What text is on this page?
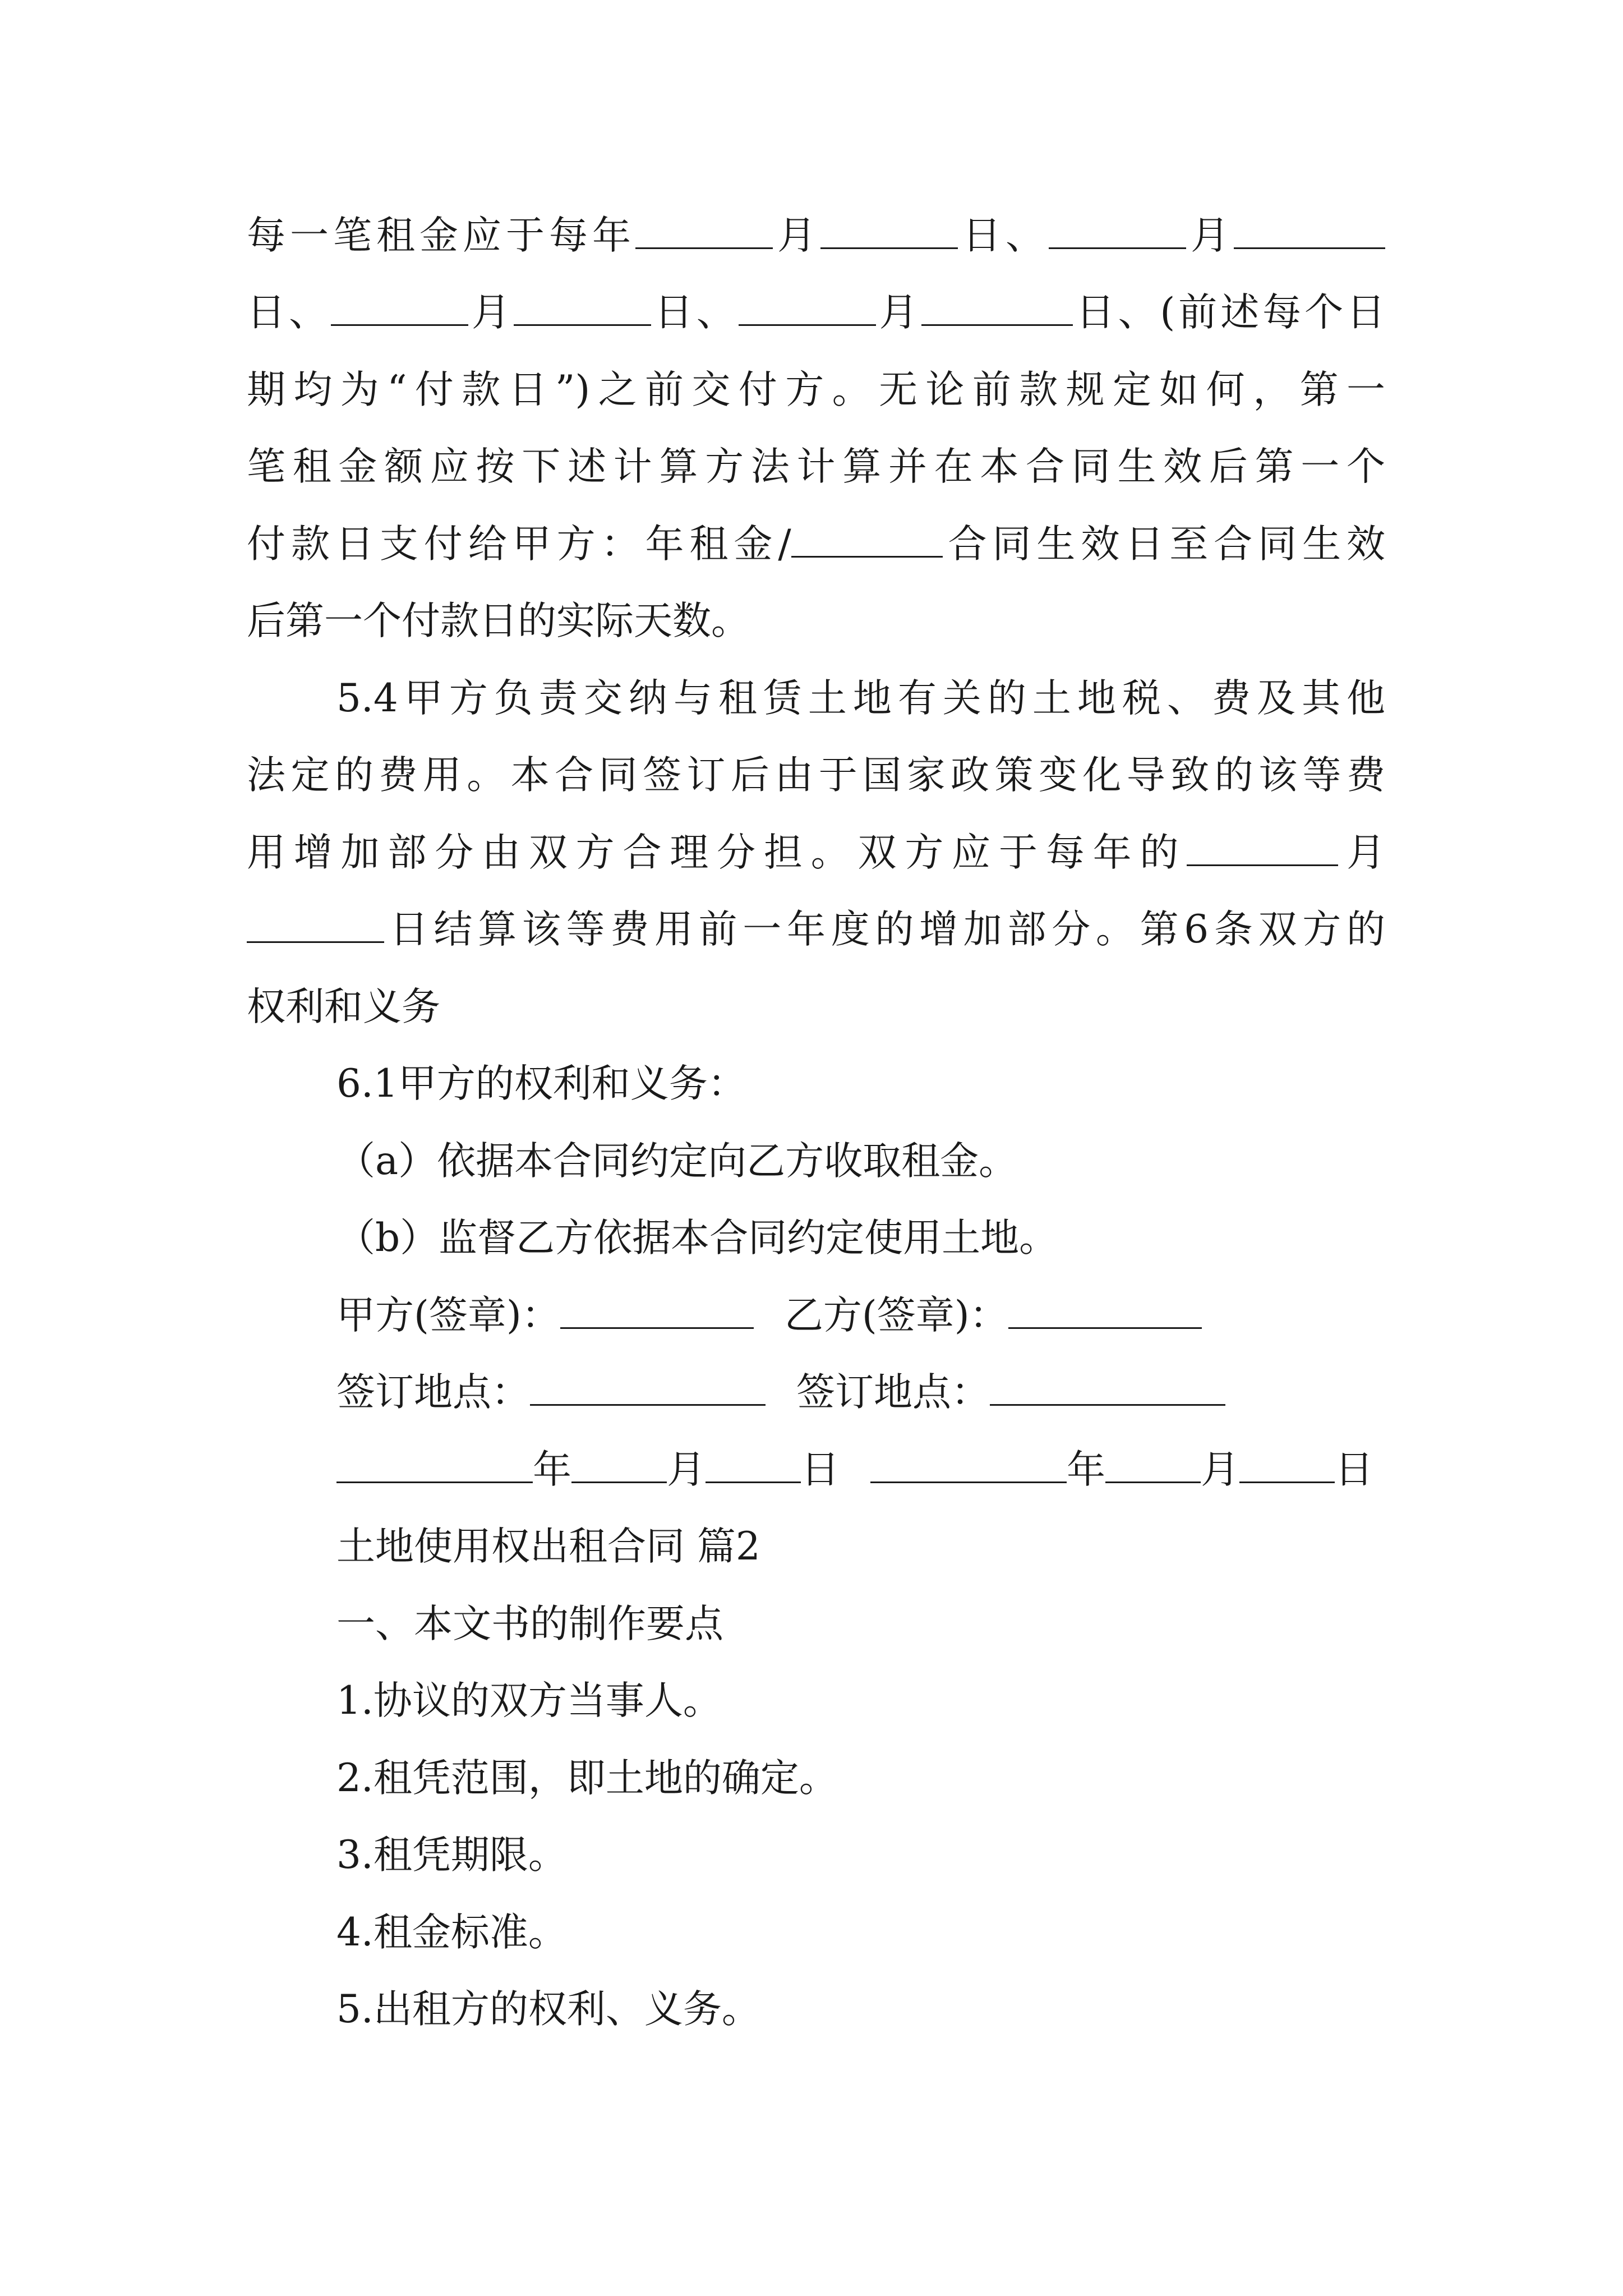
每一笔租金应于每年	月	日、	月
日、	月	日、	月	日、(前述每个日
期均为“付款日”)之前交付方。无论前款规定如何，第一
笔租金额应按下述计算方法计算并在本合同生效后第一个
付款日支付给甲方：年租金/	合同生效日至合同生效
后第一个付款日的实际天数。
5.4甲方负责交纳与租赁土地有关的土地税、费及其他
法定的费用。本合同签订后由于国家政策变化导致的该等费
用增加部分由双方合理分担。双方应于每年的	月
日结算该等费用前一年度的增加部分。第6条双方的
权利和义务
6.1甲方的权利和义务：
（a）依据本合同约定向乙方收取租金。
（b）监督乙方依据本合同约定使用土地。
甲方(签章)：	乙方(签章)：
签订地点：	签订地点：
年 月 日	年 月 日
土地使用权出租合同 篇2
一、本文书的制作要点
1.协议的双方当事人。
2.租凭范围，即土地的确定。
3.租凭期限。
4.租金标准。
5.出租方的权利、义务。
